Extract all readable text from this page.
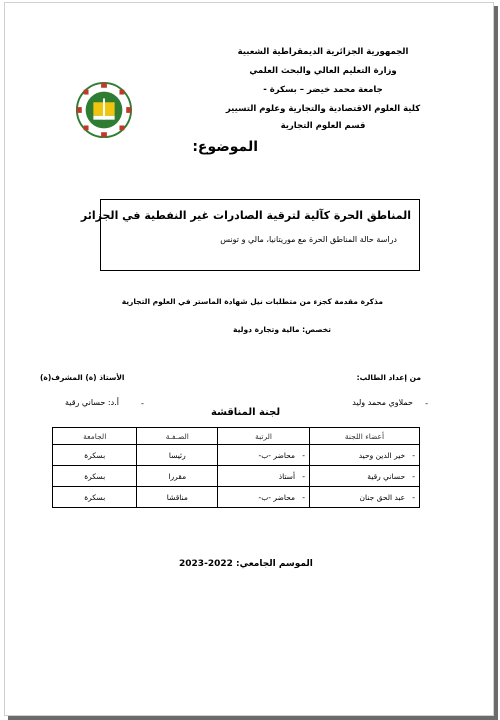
الجمهورية الجزائرية الديمقراطية الشعبية
وزارة التعليم العالي والبحث العلمي
جامعة محمد خيضر – بسكرة -
كلية العلوم الاقتصادية والتجارية وعلوم التسيير
قسم العلوم التجارية
الموضوع:
المناطق الحرة كآلية لترقية الصادرات غير النفطية في الجزائر
دراسة حالة المناطق الحرة مع موريتانيا، مالي و تونس
مذكرة مقدمة كجزء من متطلبات نيل شهادة الماستر في العلوم التجارية
تخصص: مالية وتجارة دولية
من إعداد الطالب:
الأستاذ (ة) المشرف(ة)
-
حملاوي محمد وليد
-
أ.د: حساني رقية
لجنة المناقشة
أعضاء اللجنة	الرتبة	الصـفـة	الجامعة
-   خير الدين وحيد	-   محاضر -ب-	رئيسا	بسكرة
-   حساني رقية	-   أستاذ	مقررا	بسكرة
-   عبد الحق جنان	-   محاضر -ب-	مناقشا	بسكرة
الموسم الجامعي: 2022-2023
